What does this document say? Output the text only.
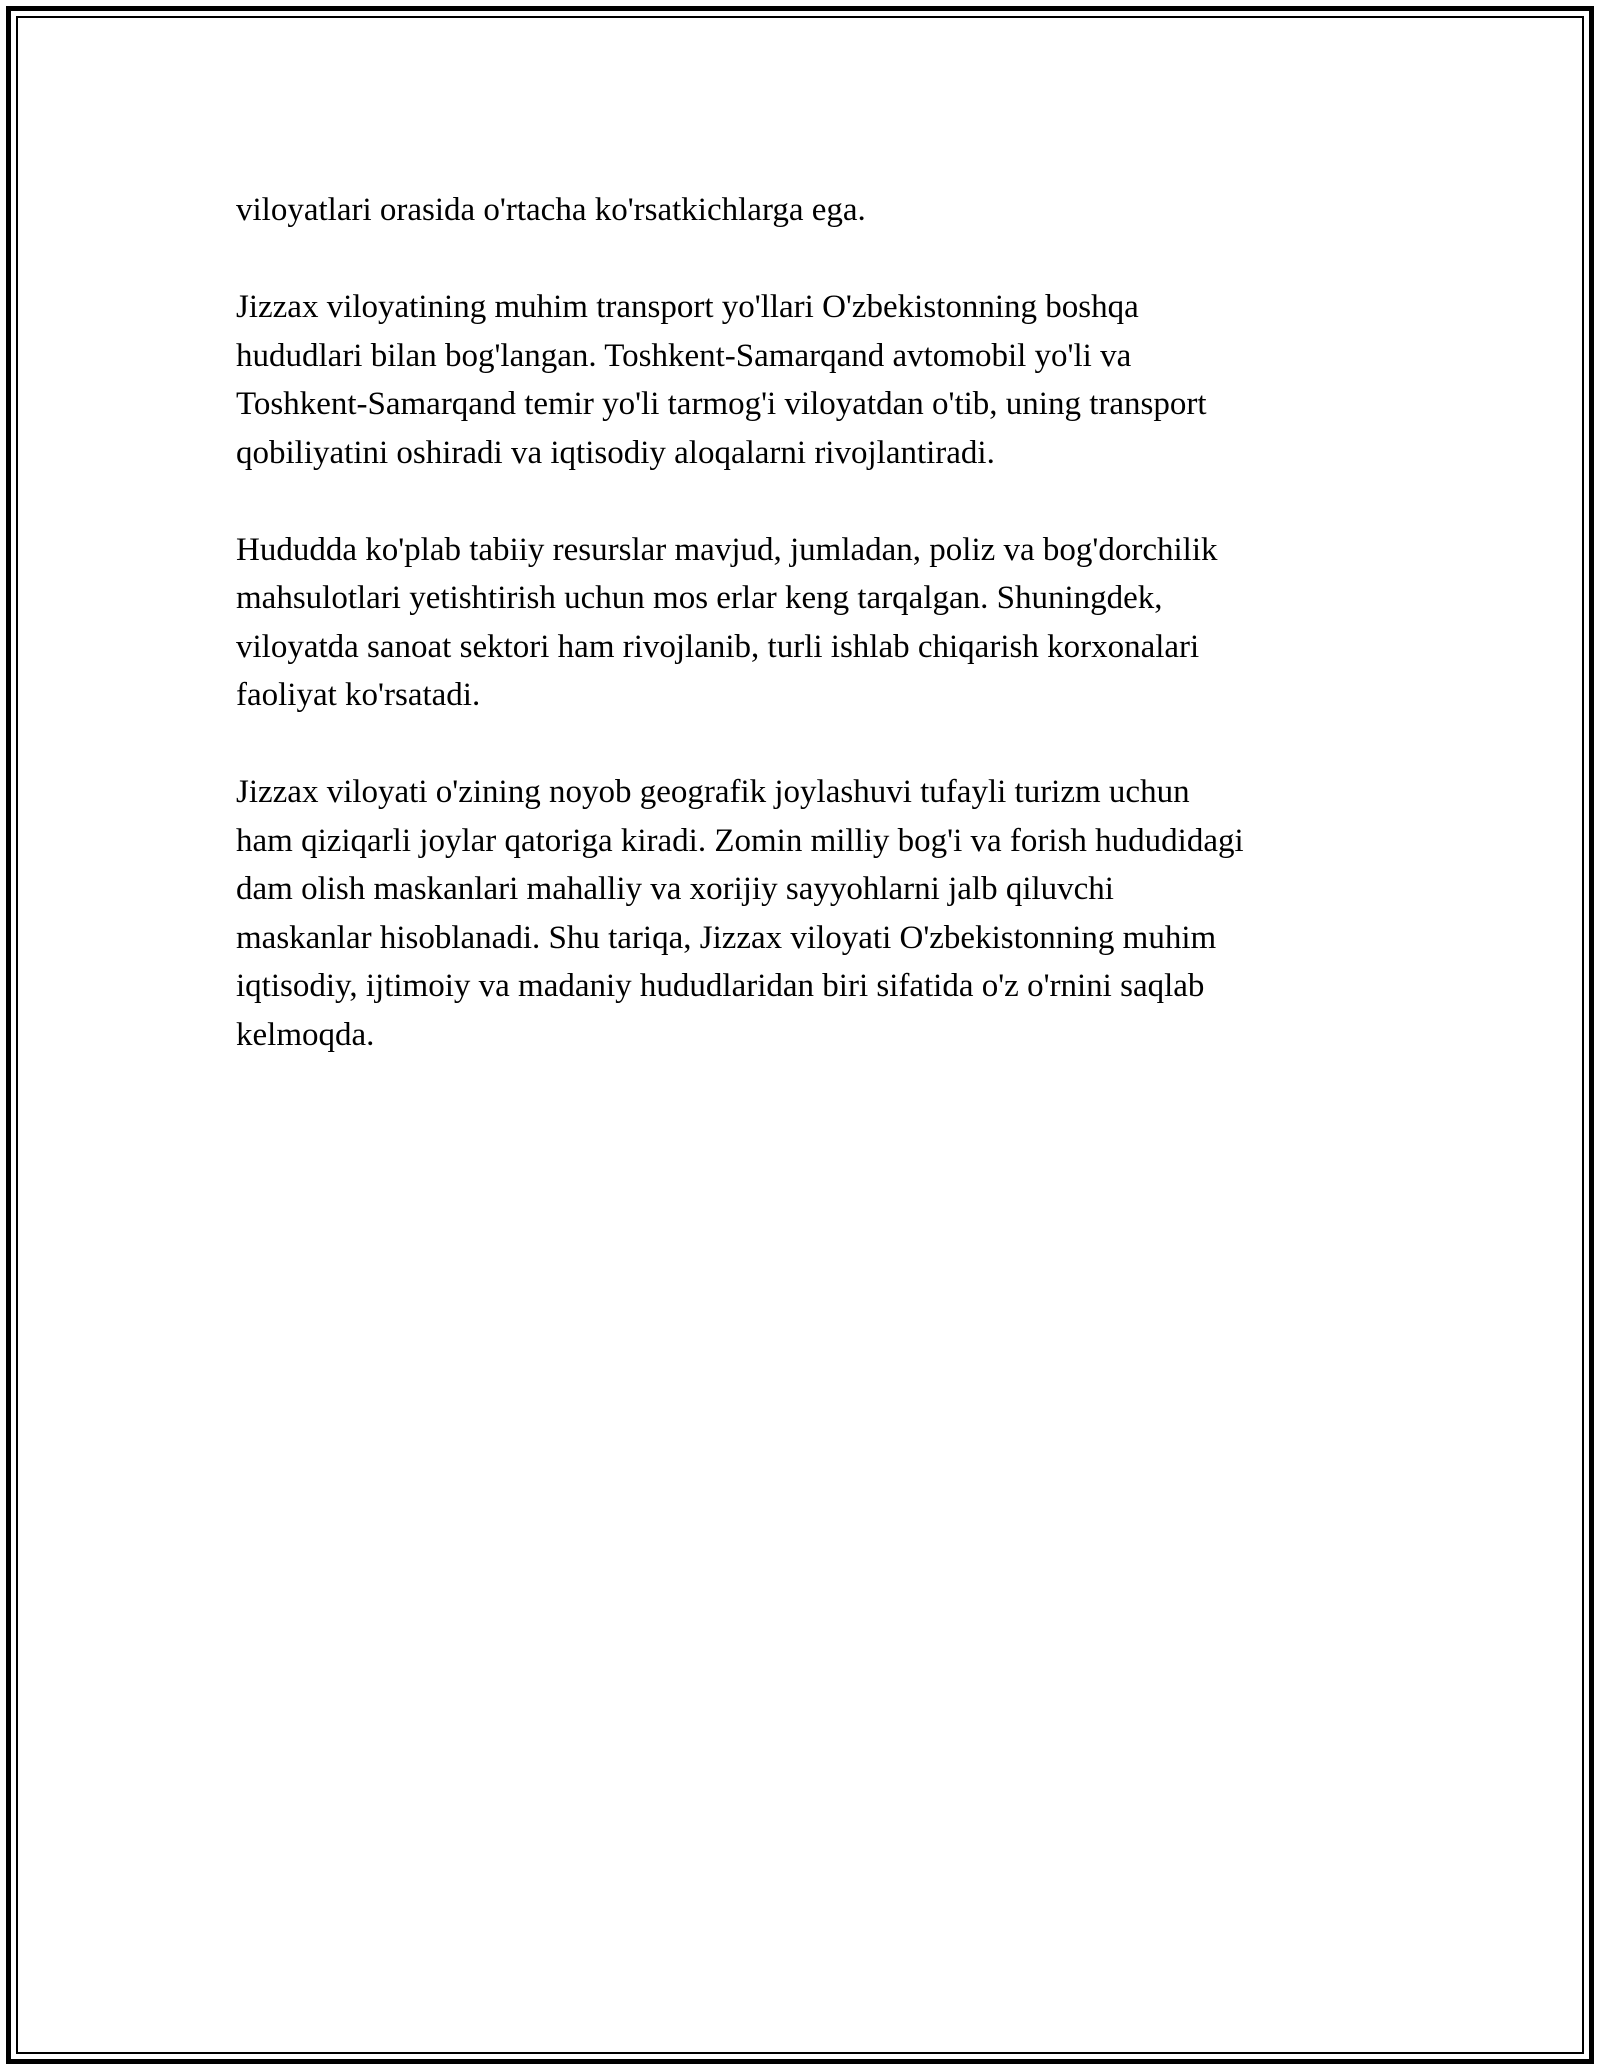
viloyatlari orasida o'rtacha ko'rsatkichlarga ega.

Jizzax viloyatining muhim transport yo'llari O'zbekistonning boshqa
hududlari bilan bog'langan. Toshkent-Samarqand avtomobil yo'li va
Toshkent-Samarqand temir yo'li tarmog'i viloyatdan o'tib, uning transport
qobiliyatini oshiradi va iqtisodiy aloqalarni rivojlantiradi.

Hududda ko'plab tabiiy resurslar mavjud, jumladan, poliz va bog'dorchilik
mahsulotlari yetishtirish uchun mos erlar keng tarqalgan. Shuningdek,
viloyatda sanoat sektori ham rivojlanib, turli ishlab chiqarish korxonalari
faoliyat ko'rsatadi.

Jizzax viloyati o'zining noyob geografik joylashuvi tufayli turizm uchun
ham qiziqarli joylar qatoriga kiradi. Zomin milliy bog'i va forish hududidagi
dam olish maskanlari mahalliy va xorijiy sayyohlarni jalb qiluvchi
maskanlar hisoblanadi. Shu tariqa, Jizzax viloyati O'zbekistonning muhim
iqtisodiy, ijtimoiy va madaniy hududlaridan biri sifatida o'z o'rnini saqlab
kelmoqda.
